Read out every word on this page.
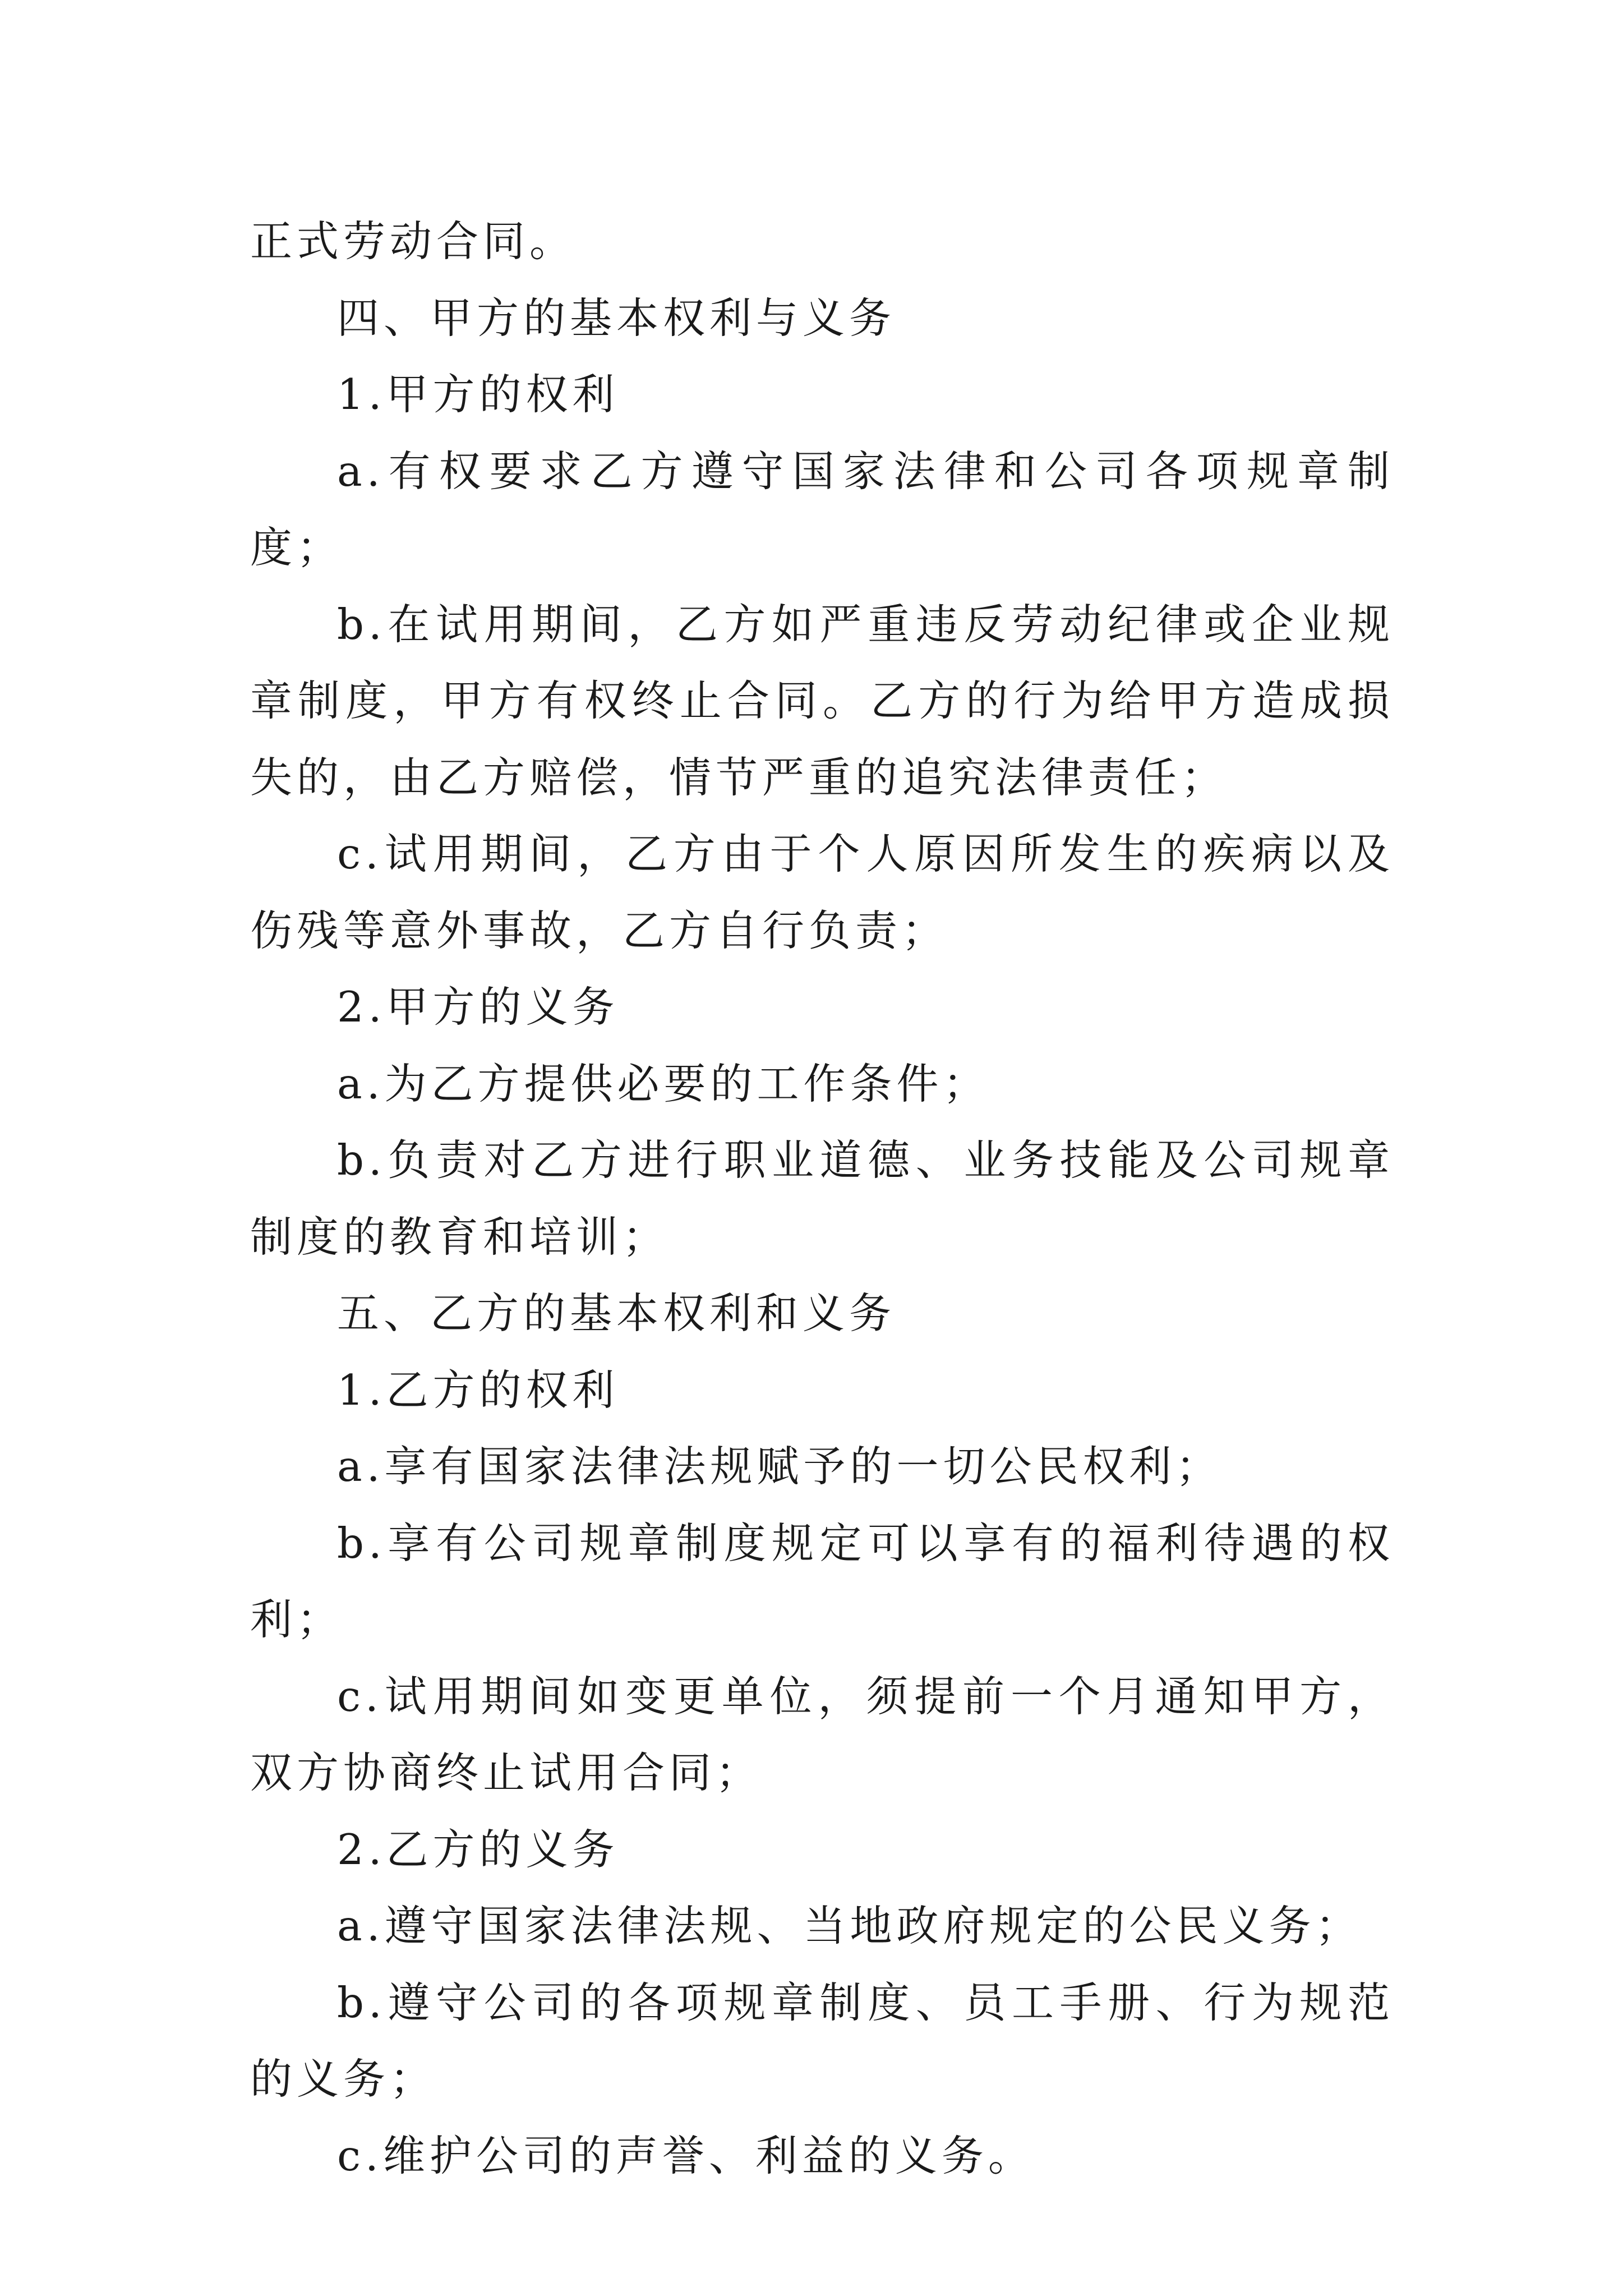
正式劳动合同。

四、甲方的基本权利与义务

1.甲方的权利

a.有权要求乙方遵守国家法律和公司各项规章制度；

b.在试用期间，乙方如严重违反劳动纪律或企业规章制度，甲方有权终止合同。乙方的行为给甲方造成损失的，由乙方赔偿，情节严重的追究法律责任；

c.试用期间，乙方由于个人原因所发生的疾病以及伤残等意外事故，乙方自行负责；

2.甲方的义务

a.为乙方提供必要的工作条件；

b.负责对乙方进行职业道德、业务技能及公司规章制度的教育和培训；

五、乙方的基本权利和义务

1.乙方的权利

a.享有国家法律法规赋予的一切公民权利；

b.享有公司规章制度规定可以享有的福利待遇的权利；

c.试用期间如变更单位，须提前一个月通知甲方，双方协商终止试用合同；

2.乙方的义务

a.遵守国家法律法规、当地政府规定的公民义务；

b.遵守公司的各项规章制度、员工手册、行为规范的义务；

c.维护公司的声誉、利益的义务。
